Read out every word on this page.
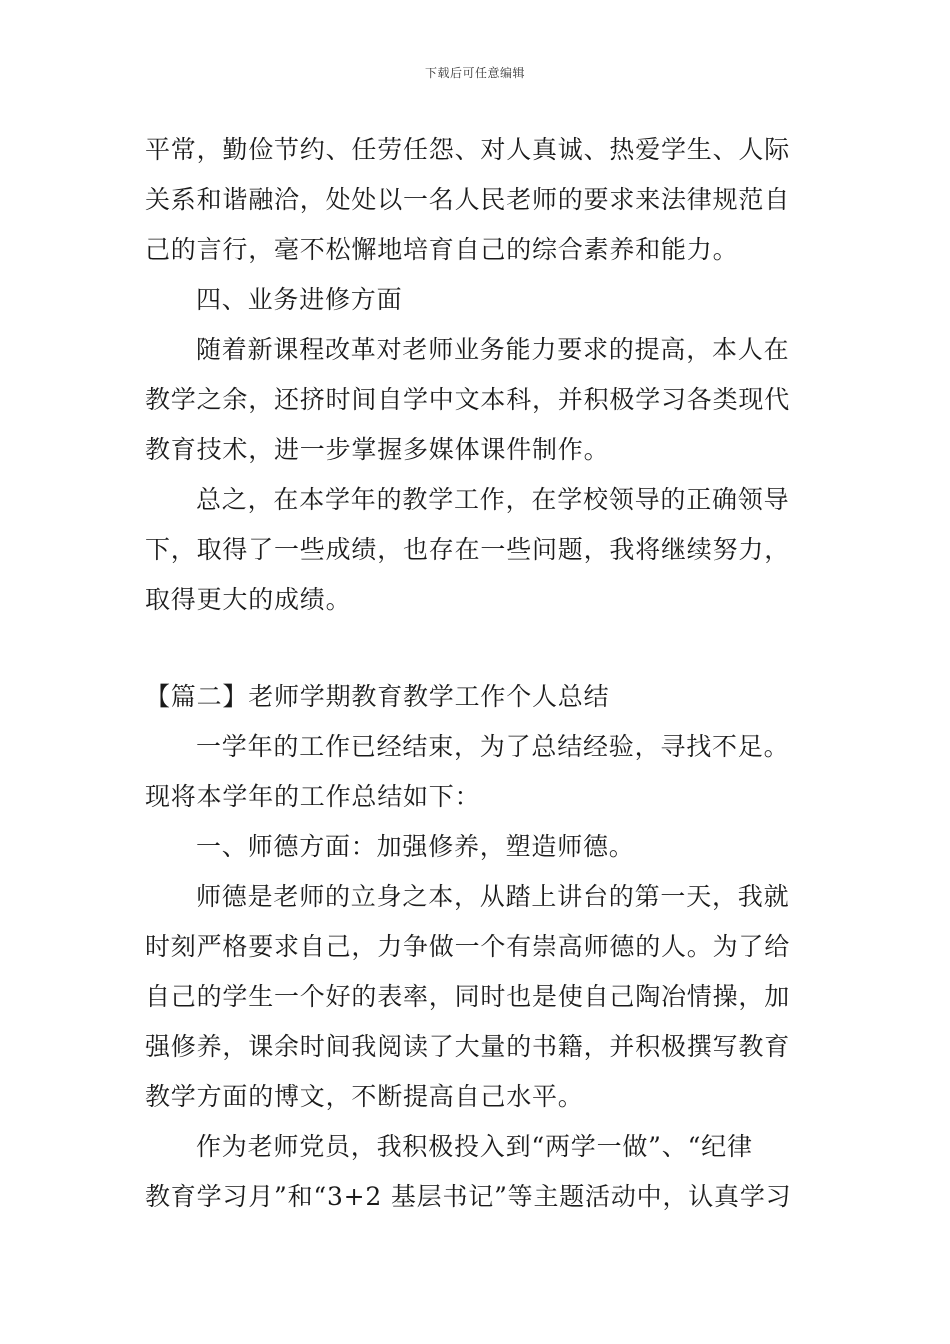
下载后可任意编辑
平常，勤俭节约、任劳任怨、对人真诚、热爱学生、人际
关系和谐融洽，处处以一名人民老师的要求来法律规范自
己的言行，毫不松懈地培育自己的综合素养和能力。
四、业务进修方面
随着新课程改革对老师业务能力要求的提高，本人在
教学之余，还挤时间自学中文本科，并积极学习各类现代
教育技术，进一步掌握多媒体课件制作。
总之，在本学年的教学工作，在学校领导的正确领导
下，取得了一些成绩，也存在一些问题，我将继续努力，
取得更大的成绩。
【篇二】老师学期教育教学工作个人总结
一学年的工作已经结束，为了总结经验，寻找不足。
现将本学年的工作总结如下：
一、师德方面：加强修养，塑造师德。
师德是老师的立身之本，从踏上讲台的第一天，我就
时刻严格要求自己，力争做一个有崇高师德的人。为了给
自己的学生一个好的表率，同时也是使自己陶冶情操，加
强修养，课余时间我阅读了大量的书籍，并积极撰写教育
教学方面的博文，不断提高自己水平。
作为老师党员，我积极投入到“两学一做”、“纪律
教育学习月”和“3+2 基层书记”等主题活动中，认真学习
